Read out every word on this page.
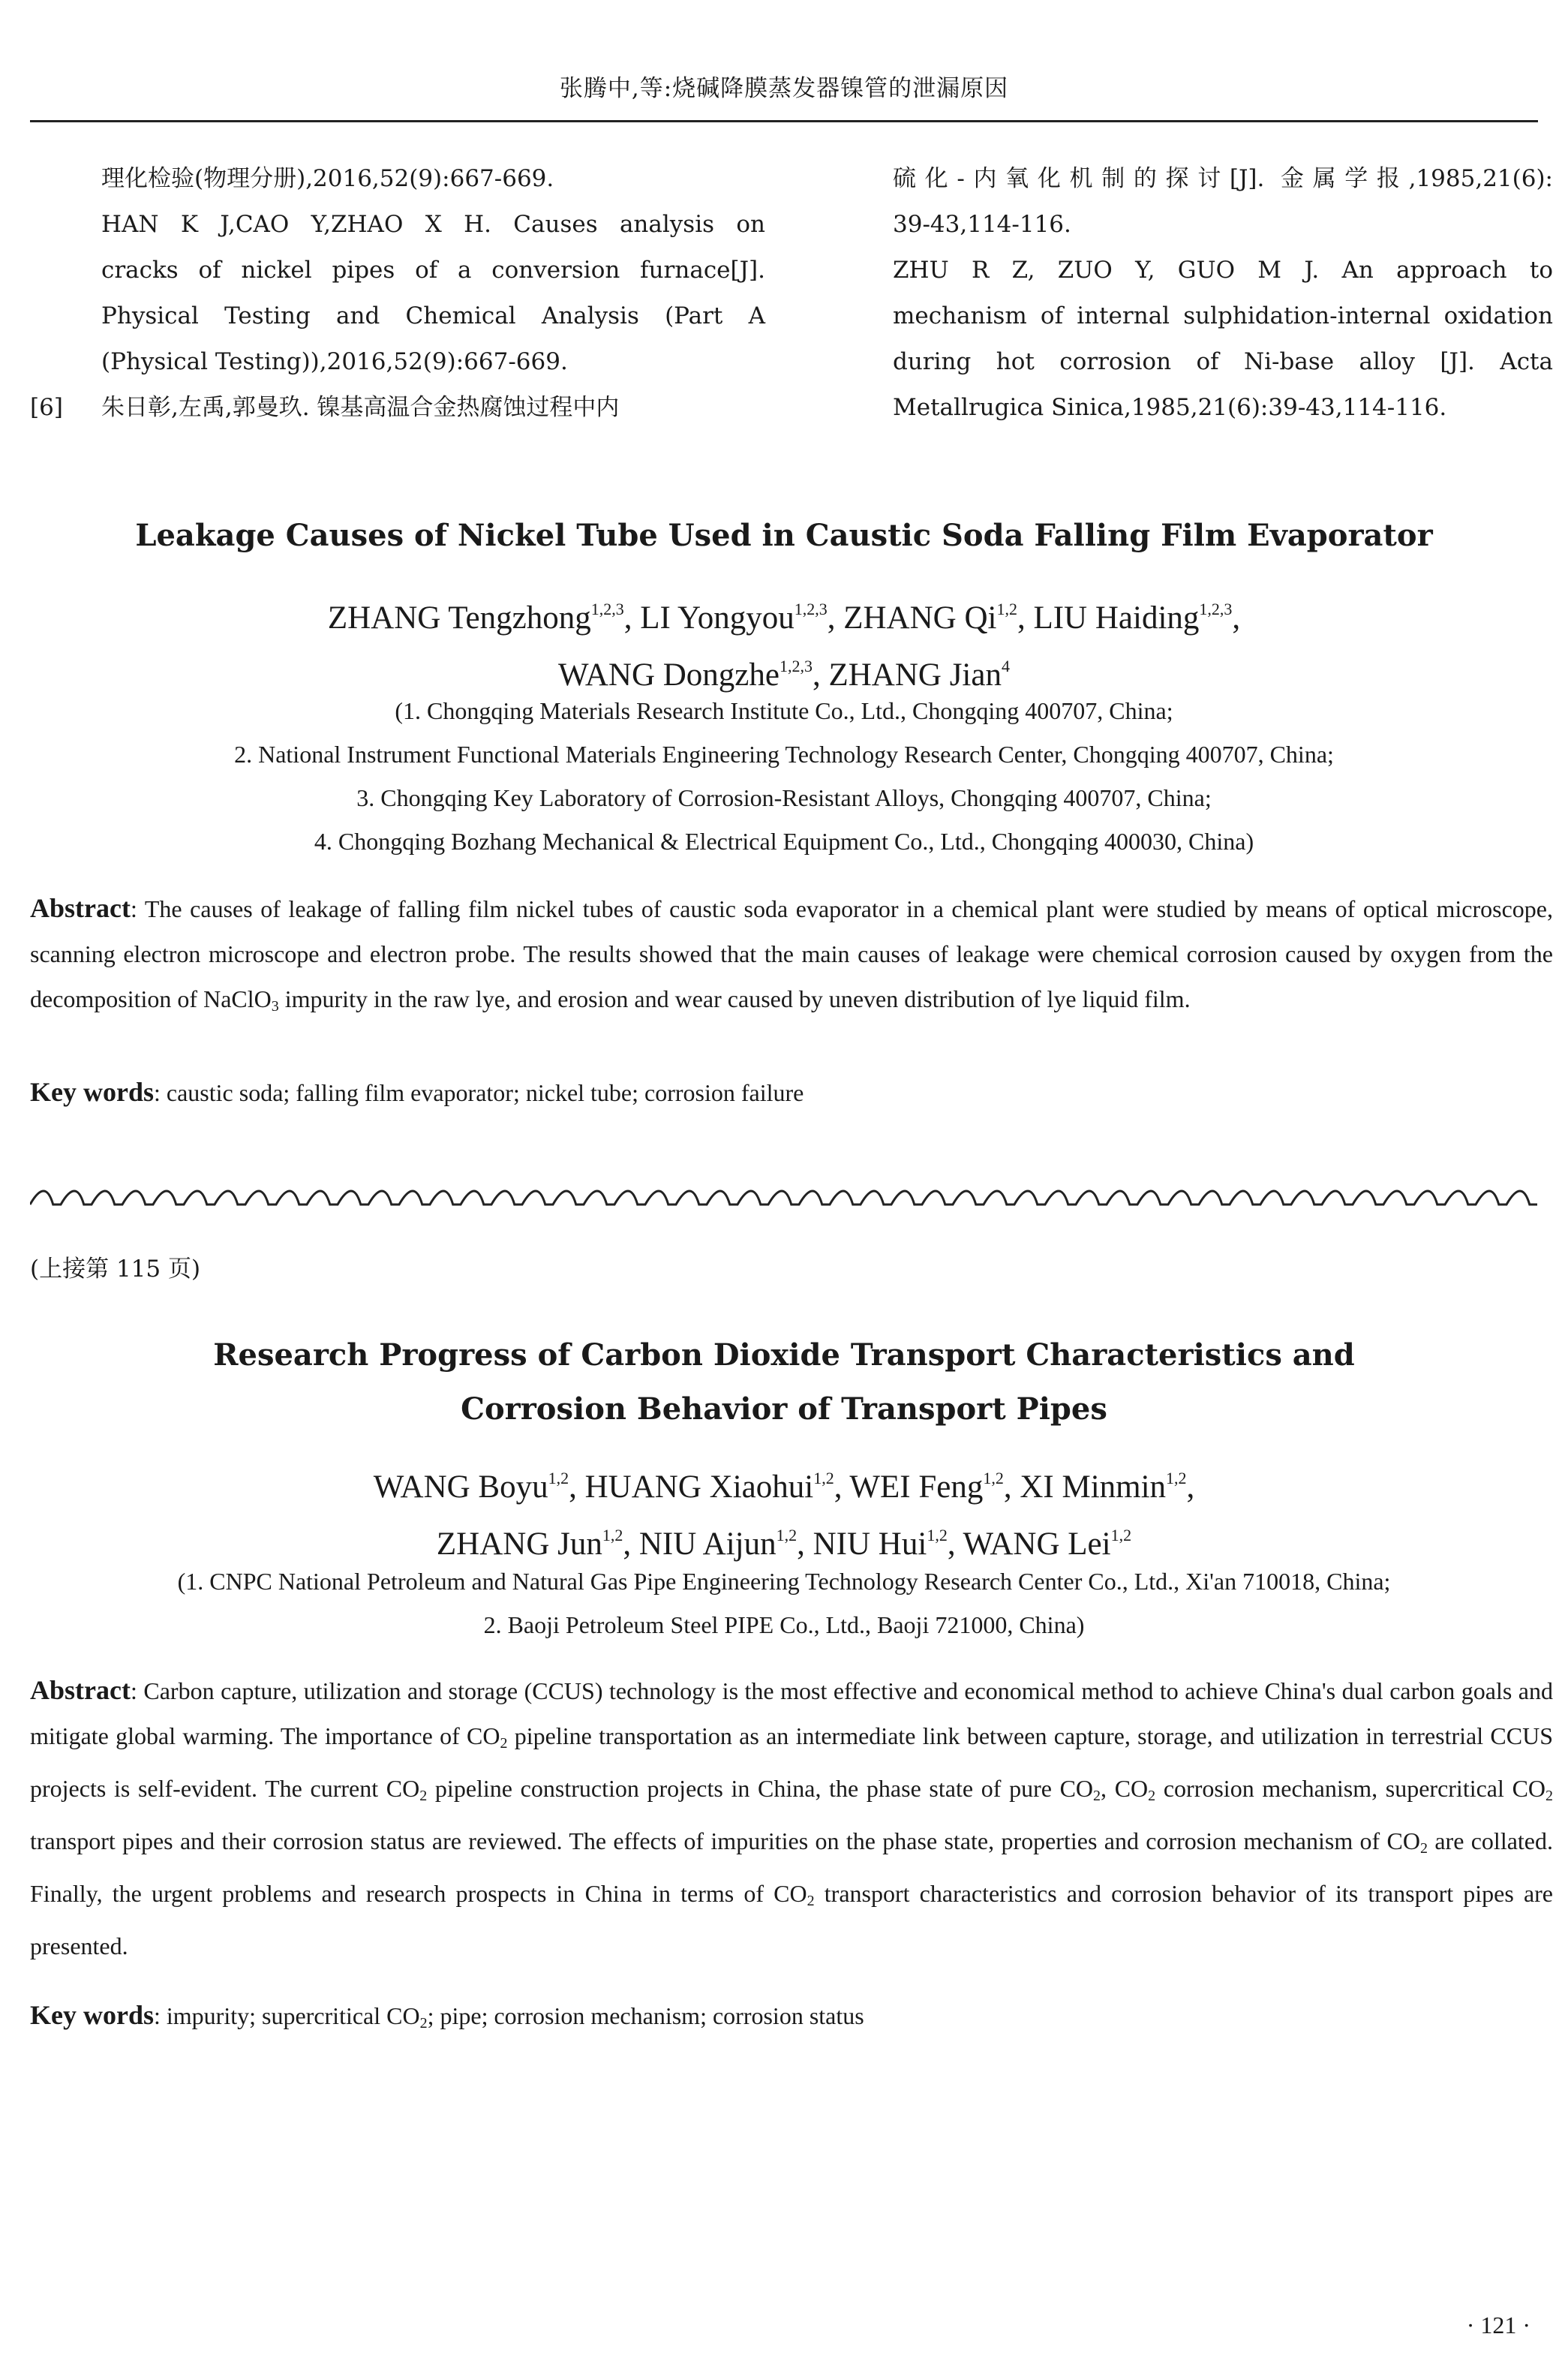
张腾中,等:烧碱降膜蒸发器镍管的泄漏原因
理化检验(物理分册),2016,52(9):667-669.
HAN K J,CAO Y,ZHAO X H. Causes analysis on
cracks of nickel pipes of a conversion furnace[J].
Physical Testing and Chemical Analysis (Part A
(Physical Testing)),2016,52(9):667-669.
[6] 朱日彰,左禹,郭曼玖. 镍基高温合金热腐蚀过程中内
硫化-内氧化机制的探讨[J]. 金属学报,1985,21(6):
39-43,114-116.
ZHU R Z, ZUO Y, GUO M J. An approach to
mechanism of internal sulphidation-internal oxidation
during hot corrosion of Ni-base alloy [J]. Acta
Metallrugica Sinica,1985,21(6):39-43,114-116.
Leakage Causes of Nickel Tube Used in Caustic Soda Falling Film Evaporator
ZHANG Tengzhong$^{1,2,3}$, LI Yongyou$^{1,2,3}$, ZHANG Qi$^{1,2}$, LIU Haiding$^{1,2,3}$,
WANG Dongzhe$^{1,2,3}$, ZHANG Jian$^4$
(1. Chongqing Materials Research Institute Co., Ltd., Chongqing 400707, China;
2. National Instrument Functional Materials Engineering Technology Research Center, Chongqing 400707, China;
3. Chongqing Key Laboratory of Corrosion-Resistant Alloys, Chongqing 400707, China;
4. Chongqing Bozhang Mechanical & Electrical Equipment Co., Ltd., Chongqing 400030, China)
Abstract: The causes of leakage of falling film nickel tubes of caustic soda evaporator in a chemical plant were studied by means of optical microscope, scanning electron microscope and electron probe. The results showed that the main causes of leakage were chemical corrosion caused by oxygen from the decomposition of NaClO$_3$ impurity in the raw lye, and erosion and wear caused by uneven distribution of lye liquid film.
Key words: caustic soda; falling film evaporator; nickel tube; corrosion failure
(上接第 115 页)
Research Progress of Carbon Dioxide Transport Characteristics and
Corrosion Behavior of Transport Pipes
WANG Boyu$^{1,2}$, HUANG Xiaohui$^{1,2}$, WEI Feng$^{1,2}$, XI Minmin$^{1,2}$,
ZHANG Jun$^{1,2}$, NIU Aijun$^{1,2}$, NIU Hui$^{1,2}$, WANG Lei$^{1,2}$
(1. CNPC National Petroleum and Natural Gas Pipe Engineering Technology Research Center Co., Ltd., Xi'an 710018, China;
2. Baoji Petroleum Steel PIPE Co., Ltd., Baoji 721000, China)
Abstract: Carbon capture, utilization and storage (CCUS) technology is the most effective and economical method to achieve China's dual carbon goals and mitigate global warming. The importance of $CO_2$ pipeline transportation as an intermediate link between capture, storage, and utilization in terrestrial CCUS projects is self-evident. The current $CO_2$ pipeline construction projects in China, the phase state of pure $CO_2$, $CO_2$ corrosion mechanism, supercritical $CO_2$ transport pipes and their corrosion status are reviewed. The effects of impurities on the phase state, properties and corrosion mechanism of $CO_2$ are collated. Finally, the urgent problems and research prospects in China in terms of $CO_2$ transport characteristics and corrosion behavior of its transport pipes are presented.
Key words: impurity; supercritical $CO_2$; pipe; corrosion mechanism; corrosion status
· 121 ·
